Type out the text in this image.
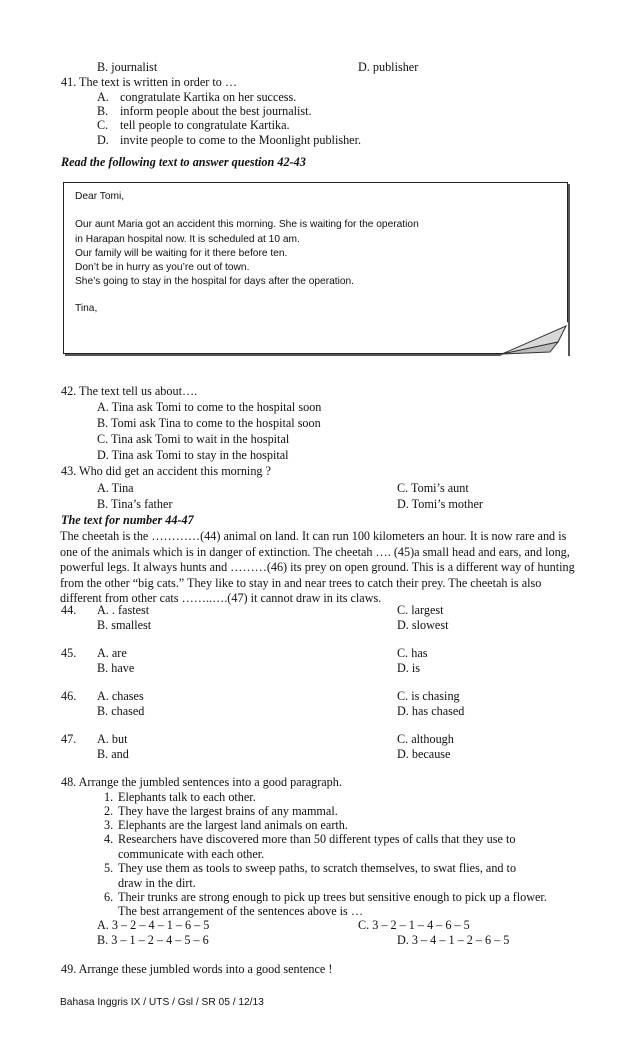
B. journalist	D. publisher
41. The text is written in order to …
A. congratulate Kartika on her success.
B. inform people about the best journalist.
C. tell people to congratulate Kartika.
D. invite people to come to the Moonlight publisher.
Read the following text to answer question 42-43
Dear Tomi,
Our aunt Maria got an accident this morning. She is waiting for the operation
in Harapan hospital now. It is scheduled at 10 am.
Our family will be waiting for it there before ten.
Don’t be in hurry as you’re out of town.
She’s going to stay in the hospital for days after the operation.
Tina,
42. The text tell us about….
A. Tina ask Tomi to come to the hospital soon
B. Tomi ask Tina to come to the hospital soon
C. Tina ask Tomi to wait in the hospital
D. Tina ask Tomi to stay in the hospital
43. Who did get an accident this morning ?
A. Tina	C. Tomi’s aunt
B. Tina’s father	D. Tomi’s mother
The text for number 44-47
The cheetah is the …………(44) animal on land. It can run 100 kilometers an hour. It is now rare and is one of the animals which is in danger of extinction. The cheetah …. (45)a small head and ears, and long, powerful legs. It always hunts and ………(46) its prey on open ground. This is a different way of hunting from the other “big cats.” They like to stay in and near trees to catch their prey. The cheetah is also different from other cats ……..….(47) it cannot draw in its claws.
44. A. . fastest	C. largest
B. smallest	D. slowest
45. A. are	C. has
B. have	D. is
46. A. chases	C. is chasing
B. chased	D. has chased
47. A. but	C. although
B. and	D. because
48. Arrange the jumbled sentences into a good paragraph.
1. Elephants talk to each other.
2. They have the largest brains of any mammal.
3. Elephants are the largest land animals on earth.
4. Researchers have discovered more than 50 different types of calls that they use to
communicate with each other.
5. They use them as tools to sweep paths, to scratch themselves, to swat flies, and to
draw in the dirt.
6. Their trunks are strong enough to pick up trees but sensitive enough to pick up a flower.
The best arrangement of the sentences above is …
A. 3 – 2 – 4 – 1 – 6 – 5	C. 3 – 2 – 1 – 4 – 6 – 5
B. 3 – 1 – 2 – 4 – 5 – 6	D. 3 – 4 – 1 – 2 – 6 – 5
49. Arrange these jumbled words into a good sentence !
Bahasa Inggris IX / UTS / Gsl / SR 05 / 12/13
